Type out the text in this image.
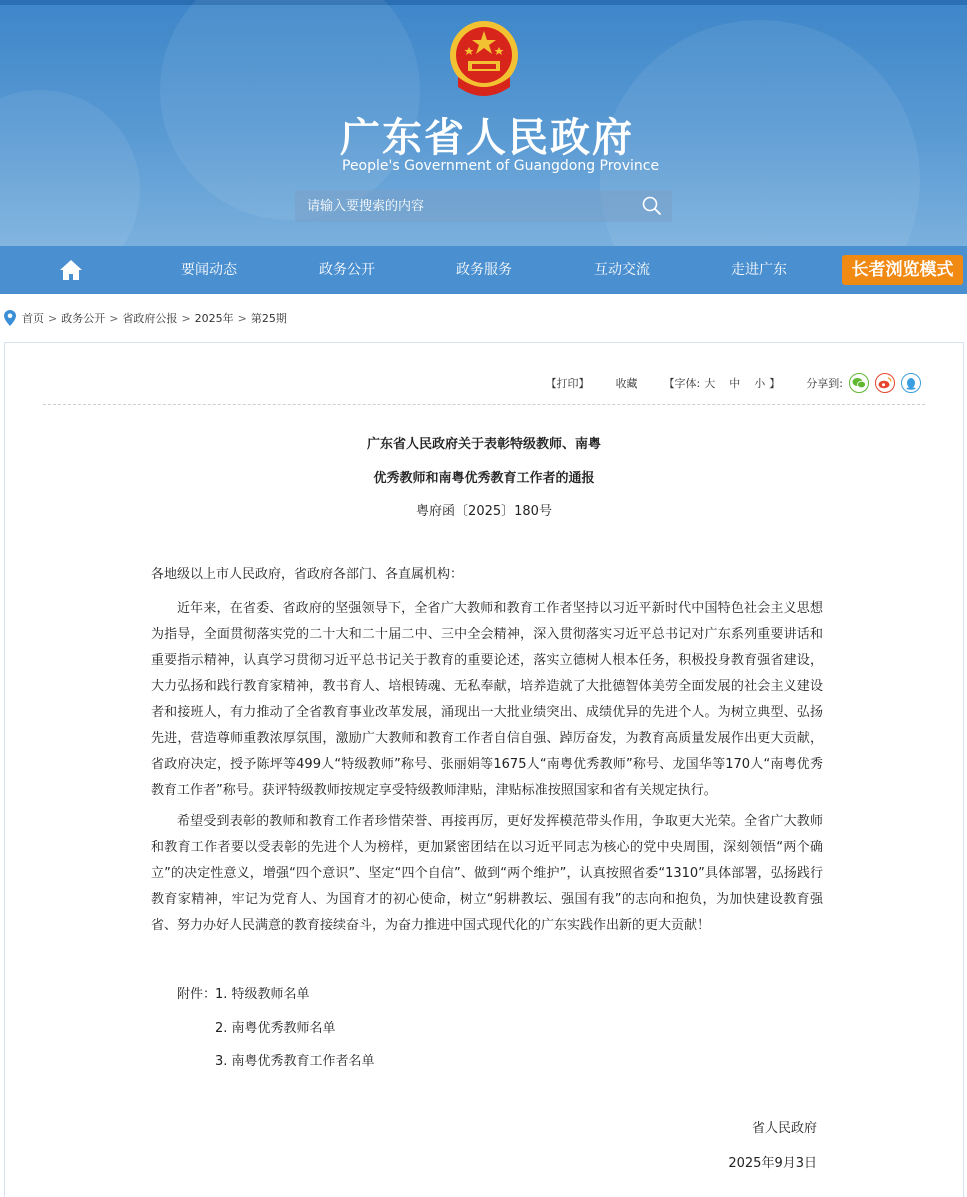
广东省人民政府
People's Government of Guangdong Province
请输入要搜索的内容
要闻动态	政务公开	政务服务	互动交流	走进广东	长者浏览模式
首页 > 政务公开 > 省政府公报 > 2025年 > 第25期
【打印】 收藏 【字体: 大 中 小 】 分享到:
广东省人民政府关于表彰特级教师、南粤
优秀教师和南粤优秀教育工作者的通报
粤府函〔2025〕180号
各地级以上市人民政府，省政府各部门、各直属机构：
近年来，在省委、省政府的坚强领导下，全省广大教师和教育工作者坚持以习近平新时代中国特色社会主义思想为指导，全面贯彻落实党的二十大和二十届二中、三中全会精神，深入贯彻落实习近平总书记对广东系列重要讲话和重要指示精神，认真学习贯彻习近平总书记关于教育的重要论述，落实立德树人根本任务，积极投身教育强省建设，大力弘扬和践行教育家精神，教书育人、培根铸魂、无私奉献，培养造就了大批德智体美劳全面发展的社会主义建设者和接班人，有力推动了全省教育事业改革发展，涌现出一大批业绩突出、成绩优异的先进个人。为树立典型、弘扬先进，营造尊师重教浓厚氛围，激励广大教师和教育工作者自信自强、踔厉奋发，为教育高质量发展作出更大贡献，省政府决定，授予陈坪等499人“特级教师”称号、张丽娟等1675人“南粤优秀教师”称号、龙国华等170人“南粤优秀教育工作者”称号。获评特级教师按规定享受特级教师津贴，津贴标准按照国家和省有关规定执行。
希望受到表彰的教师和教育工作者珍惜荣誉、再接再厉，更好发挥模范带头作用，争取更大光荣。全省广大教师和教育工作者要以受表彰的先进个人为榜样，更加紧密团结在以习近平同志为核心的党中央周围，深刻领悟“两个确立”的决定性意义，增强“四个意识”、坚定“四个自信”、做到“两个维护”，认真按照省委“1310”具体部署，弘扬践行教育家精神，牢记为党育人、为国育才的初心使命，树立“躬耕教坛、强国有我”的志向和抱负，为加快建设教育强省、努力办好人民满意的教育接续奋斗，为奋力推进中国式现代化的广东实践作出新的更大贡献！
附件：
1. 特级教师名单
2. 南粤优秀教师名单
3. 南粤优秀教育工作者名单
省人民政府
2025年9月3日
